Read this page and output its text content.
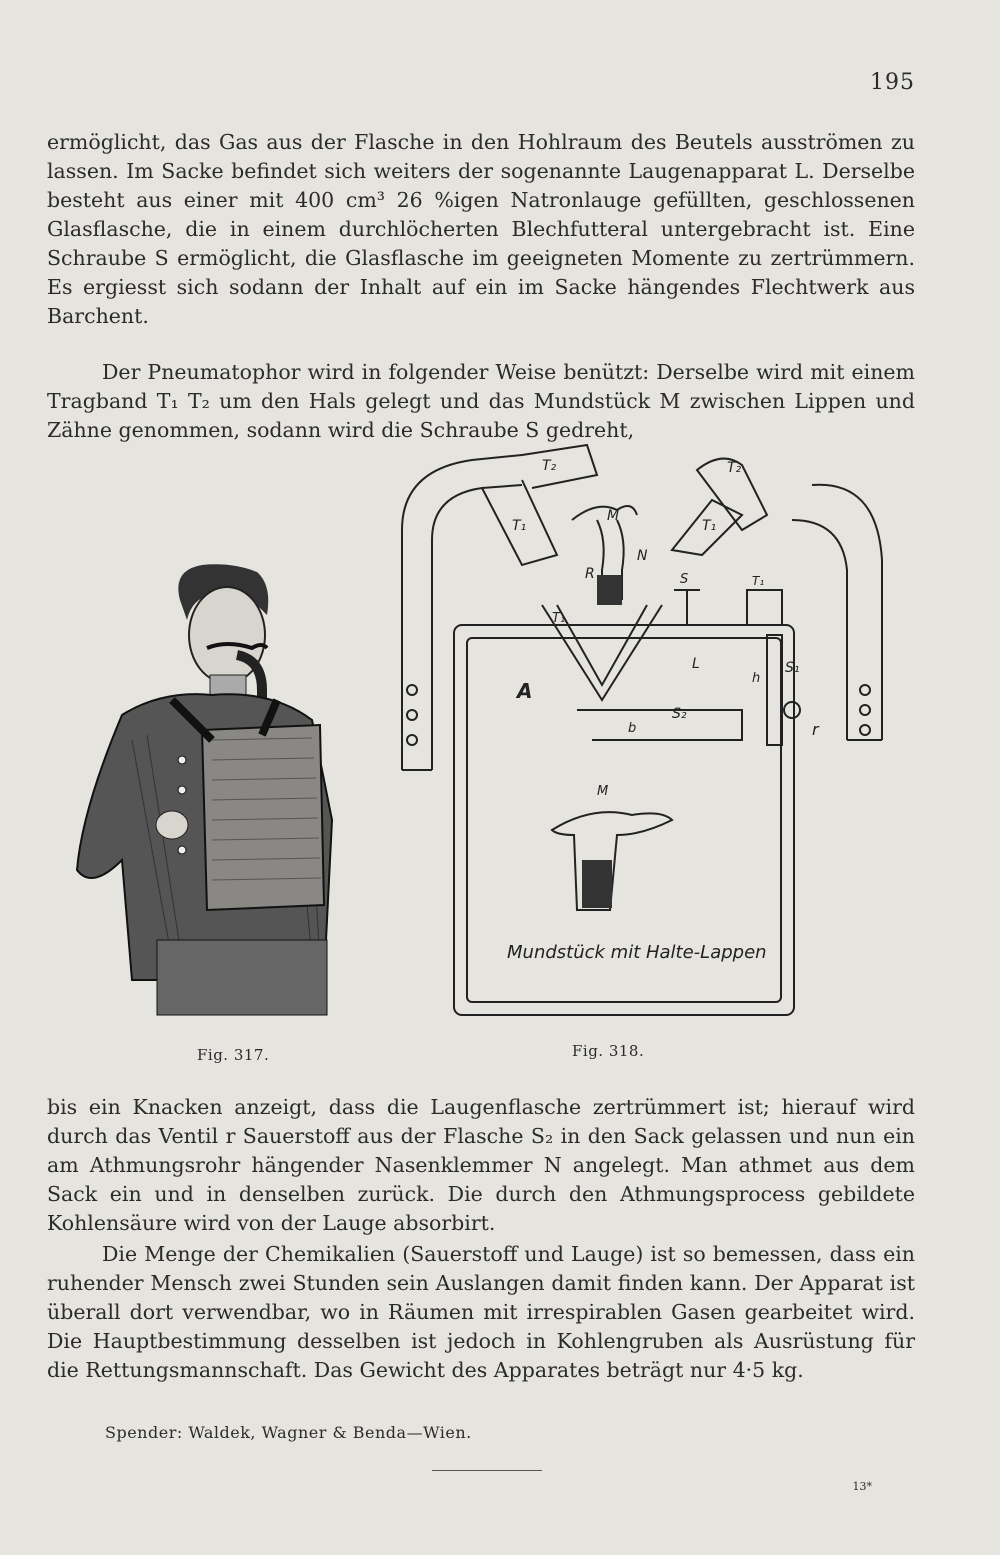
195

ermöglicht, das Gas aus der Flasche in den Hohlraum des Beutels ausströmen zu lassen. Im Sacke befindet sich weiters der sogenannte Laugenapparat L. Derselbe besteht aus einer mit 400 cm³ 26 %igen Natronlauge gefüllten, geschlossenen Glasflasche, die in einem durchlöcherten Blechfutteral untergebracht ist. Eine Schraube S ermöglicht, die Glasflasche im geeigneten Momente zu zertrümmern. Es ergiesst sich sodann der Inhalt auf ein im Sacke hängendes Flechtwerk aus Barchent.

Der Pneumatophor wird in folgender Weise benützt: Derselbe wird mit einem Tragband T₁ T₂ um den Hals gelegt und das Mundstück M zwischen Lippen und Zähne genommen, sodann wird die Schraube S gedreht,

Fig. 317.
T₂
T₁
M
N
R	S
T₂
T₁
T₁
T₁
L
A
S₂
b
h
S₁
r
M
Mundstück mit Halte-Lappen
Fig. 318.

bis ein Knacken anzeigt, dass die Laugenflasche zertrümmert ist; hierauf wird durch das Ventil r Sauerstoff aus der Flasche S₂ in den Sack gelassen und nun ein am Athmungsrohr hängender Nasenklemmer N angelegt. Man athmet aus dem Sack ein und in denselben zurück. Die durch den Athmungsprocess gebildete Kohlensäure wird von der Lauge absorbirt.

Die Menge der Chemikalien (Sauerstoff und Lauge) ist so bemessen, dass ein ruhender Mensch zwei Stunden sein Auslangen damit finden kann. Der Apparat ist überall dort verwendbar, wo in Räumen mit irrespirablen Gasen gearbeitet wird. Die Hauptbestimmung desselben ist jedoch in Kohlengruben als Ausrüstung für die Rettungsmannschaft. Das Gewicht des Apparates beträgt nur 4·5 kg.

Spender: Waldek, Wagner & Benda—Wien.
13*
